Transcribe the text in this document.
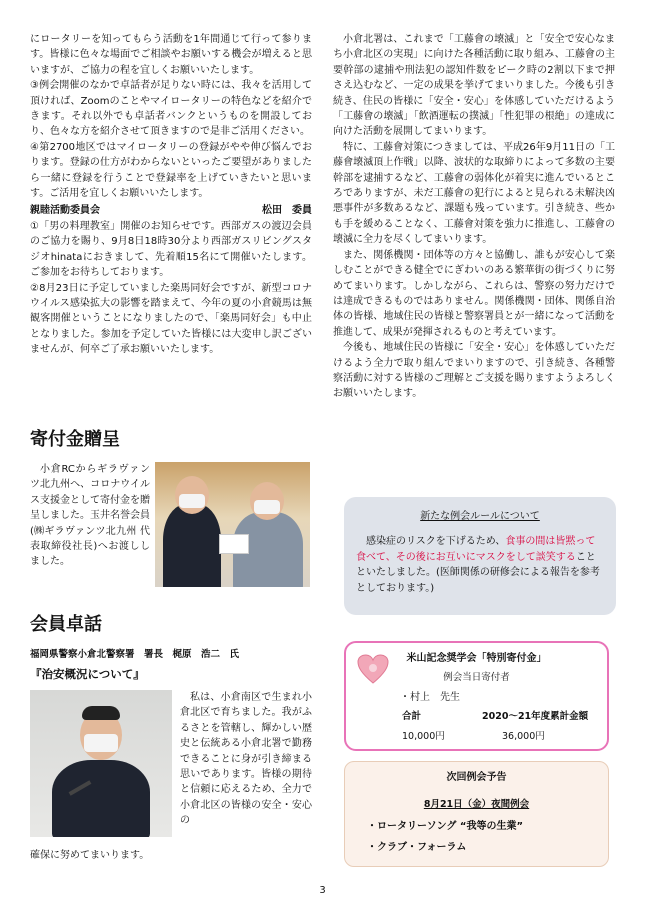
にロータリーを知ってもらう活動を1年間通じて行って参ります。皆様に色々な場面でご相談やお願いする機会が増えると思いますが、ご協力の程を宜しくお願いいたします。

③例会開催のなかで卓話者が足りない時には、我々を活用して頂ければ、Zoomのことやマイロータリーの特色などを紹介できます。それ以外でも卓話者バンクというものを開設しており、色々な方を紹介させて頂きますので是非ご活用ください。

④第2700地区ではマイロータリーの登録がやや伸び悩んでおります。登録の仕方がわからないといったご要望がありましたら一緒に登録を行うことで登録率を上げていきたいと思います。ご活用を宜しくお願いいたします。

親睦活動委員会	松田　委員

①「男の料理教室」開催のお知らせです。西部ガスの渡辺会員のご協力を賜り、9月8日18時30分より西部ガスリビングスタジオhinataにおきまして、先着順15名にて開催いたします。ご参加をお待ちしております。

②8月23日に予定していました楽馬同好会ですが、新型コロナウイルス感染拡大の影響を踏まえて、今年の夏の小倉競馬は無観客開催ということになりましたので、「楽馬同好会」も中止となりました。参加を予定していた皆様には大変申し訳ございませんが、何卒ご了承お願いいたします。

寄付金贈呈

小倉RCからギラヴァンツ北九州へ、コロナウイルス支援金として寄付金を贈呈しました。玉井名誉会員(㈱ギラヴァンツ北九州 代表取締役社長)へお渡ししました。

会員卓話
福岡県警察小倉北警察署　署長　梶原　浩二　氏
『治安概況について』

私は、小倉南区で生まれ小倉北区で育ちました。我がふるさとを管轄し、輝かしい歴史と伝統ある小倉北署で勤務できることに身が引き締まる思いであります。皆様の期待と信頼に応えるため、全力で小倉北区の皆様の安全・安心の

確保に努めてまいります。

小倉北署は、これまで「工藤會の壊滅」と「安全で安心なまち小倉北区の実現」に向けた各種活動に取り組み、工藤會の主要幹部の逮捕や刑法犯の認知件数をピーク時の2割以下まで押さえ込むなど、一定の成果を挙げてまいりました。今後も引き続き、住民の皆様に「安全・安心」を体感していただけるよう「工藤會の壊滅」「飲酒運転の撲滅」「性犯罪の根絶」の達成に向けた活動を展開してまいります。

特に、工藤會対策につきましては、平成26年9月11日の「工藤會壊滅頂上作戦」以降、波状的な取締りによって多数の主要幹部を逮捕するなど、工藤會の弱体化が着実に進んでいるところでありますが、未だ工藤會の犯行によると見られる未解決凶悪事件が多数あるなど、課題も残っています。引き続き、些かも手を緩めることなく、工藤會対策を強力に推進し、工藤會の壊滅に全力を尽くしてまいります。

また、関係機関・団体等の方々と協働し、誰もが安心して楽しむことができる健全でにぎわいのある繁華街の街づくりに努めてまいります。しかしながら、これらは、警察の努力だけでは達成できるものではありません。関係機関・団体、関係自治体の皆様、地域住民の皆様と警察署員とが一緒になって活動を推進して、成果が発揮されるものと考えています。

今後も、地域住民の皆様に「安全・安心」を体感していただけるよう全力で取り組んでまいりますので、引き続き、各種警察活動に対する皆様のご理解とご支援を賜りますようよろしくお願いいたします。

新たな例会ルールについて

感染症のリスクを下げるため、食事の間は皆黙って食べて、その後にお互いにマスクをして談笑することといたしました。(医師関係の研修会による報告を参考としております。)

米山記念奨学会「特別寄付金」
例会当日寄付者
・村上　先生
合計	2020～21年度累計金額
10,000円	36,000円
次回例会予告
8月21日（金）夜間例会
・ロータリーソング “我等の生業”
・クラブ・フォーラム
3
